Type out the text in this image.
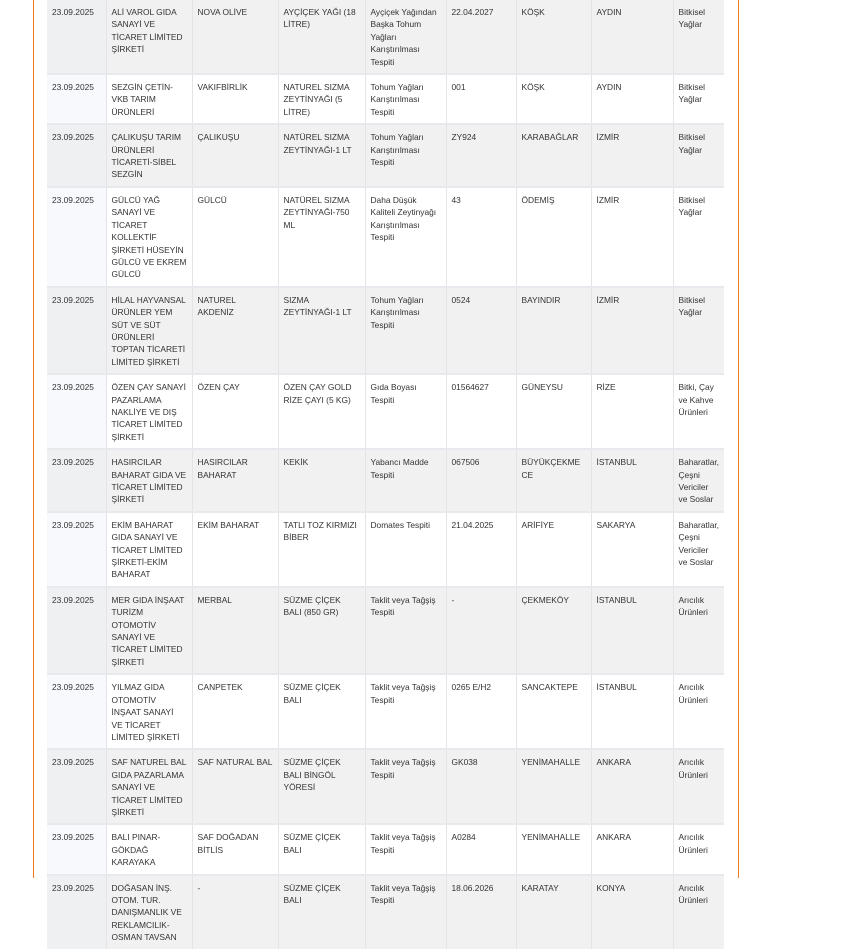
23.09.2025	ALİ VAROL GIDA SANAYİ VE TİCARET LİMİTED ŞİRKETİ	NOVA OLİVE	AYÇİÇEK YAĞI (18 LİTRE)	Ayçiçek Yağından Başka Tohum Yağları Karıştırılması Tespiti	22.04.2027	KÖŞK	AYDIN	Bitkisel Yağlar
23.09.2025	SEZGİN ÇETİN-VKB TARIM ÜRÜNLERİ	VAKIFBİRLİK	NATUREL SIZMA ZEYTİNYAĞI (5 LİTRE)	Tohum Yağları Karıştırılması Tespiti	001	KÖŞK	AYDIN	Bitkisel Yağlar
23.09.2025	ÇALIKUŞU TARIM ÜRÜNLERİ TİCARETİ-SİBEL SEZGİN	ÇALIKUŞU	NATÜREL SIZMA ZEYTİNYAĞI-1 LT	Tohum Yağları Karıştırılması Tespiti	ZY924	KARABAĞLAR	İZMİR	Bitkisel Yağlar
23.09.2025	GÜLCÜ YAĞ SANAYİ VE TİCARET KOLLEKTİF ŞİRKETİ HÜSEYİN GÜLCÜ VE EKREM GÜLCÜ	GÜLCÜ	NATÜREL SIZMA ZEYTİNYAĞI-750 ML	Daha Düşük Kaliteli Zeytinyağı Karıştırılması Tespiti	43	ÖDEMİŞ	İZMİR	Bitkisel Yağlar
23.09.2025	HİLAL HAYVANSAL ÜRÜNLER YEM SÜT VE SÜT ÜRÜNLERİ TOPTAN TİCARETİ LİMİTED ŞİRKETİ	NATUREL AKDENİZ	SIZMA ZEYTİNYAĞI-1 LT	Tohum Yağları Karıştırılması Tespiti	0524	BAYINDIR	İZMİR	Bitkisel Yağlar
23.09.2025	ÖZEN ÇAY SANAYİ PAZARLAMA NAKLİYE VE DIŞ TİCARET LİMİTED ŞİRKETİ	ÖZEN ÇAY	ÖZEN ÇAY GOLD RİZE ÇAYI (5 KG)	Gıda Boyası Tespiti	01564627	GÜNEYSU	RİZE	Bitki, Çay ve Kahve Ürünleri
23.09.2025	HASIRCILAR BAHARAT GIDA VE TİCARET LİMİTED ŞİRKETİ	HASIRCILAR BAHARAT	KEKİK	Yabancı Madde Tespiti	067506	BÜYÜKÇEKMECE	İSTANBUL	Baharatlar, Çeşni Vericiler ve Soslar
23.09.2025	EKİM BAHARAT GIDA SANAYİ VE TİCARET LİMİTED ŞİRKETİ-EKİM BAHARAT	EKİM BAHARAT	TATLI TOZ KIRMIZI BİBER	Domates Tespiti	21.04.2025	ARİFİYE	SAKARYA	Baharatlar, Çeşni Vericiler ve Soslar
23.09.2025	MER GIDA İNŞAAT TURİZM OTOMOTİV SANAYİ VE TİCARET LİMİTED ŞİRKETİ	MERBAL	SÜZME ÇİÇEK BALI (850 GR)	Taklit veya Tağşiş Tespiti	-	ÇEKMEKÖY	İSTANBUL	Arıcılık Ürünleri
23.09.2025	YILMAZ GIDA OTOMOTİV İNŞAAT SANAYİ VE TİCARET LİMİTED ŞİRKETİ	CANPETEK	SÜZME ÇİÇEK BALI	Taklit veya Tağşiş Tespiti	0265 E/H2	SANCAKTEPE	İSTANBUL	Arıcılık Ürünleri
23.09.2025	SAF NATUREL BAL GIDA PAZARLAMA SANAYİ VE TİCARET LİMİTED ŞİRKETİ	SAF NATURAL BAL	SÜZME ÇİÇEK BALI BİNGÖL YÖRESİ	Taklit veya Tağşiş Tespiti	GK038	YENİMAHALLE	ANKARA	Arıcılık Ürünleri
23.09.2025	BALI PINAR-GÖKDAĞ KARAYAKA	SAF DOĞADAN BİTLİS	SÜZME ÇİÇEK BALI	Taklit veya Tağşiş Tespiti	A0284	YENİMAHALLE	ANKARA	Arıcılık Ürünleri
23.09.2025	DOĞASAN İNŞ. OTOM. TUR. DANIŞMANLIK VE REKLAMCILIK-OSMAN TAVSAN	-	SÜZME ÇİÇEK BALI	Taklit veya Tağşiş Tespiti	18.06.2026	KARATAY	KONYA	Arıcılık Ürünleri
